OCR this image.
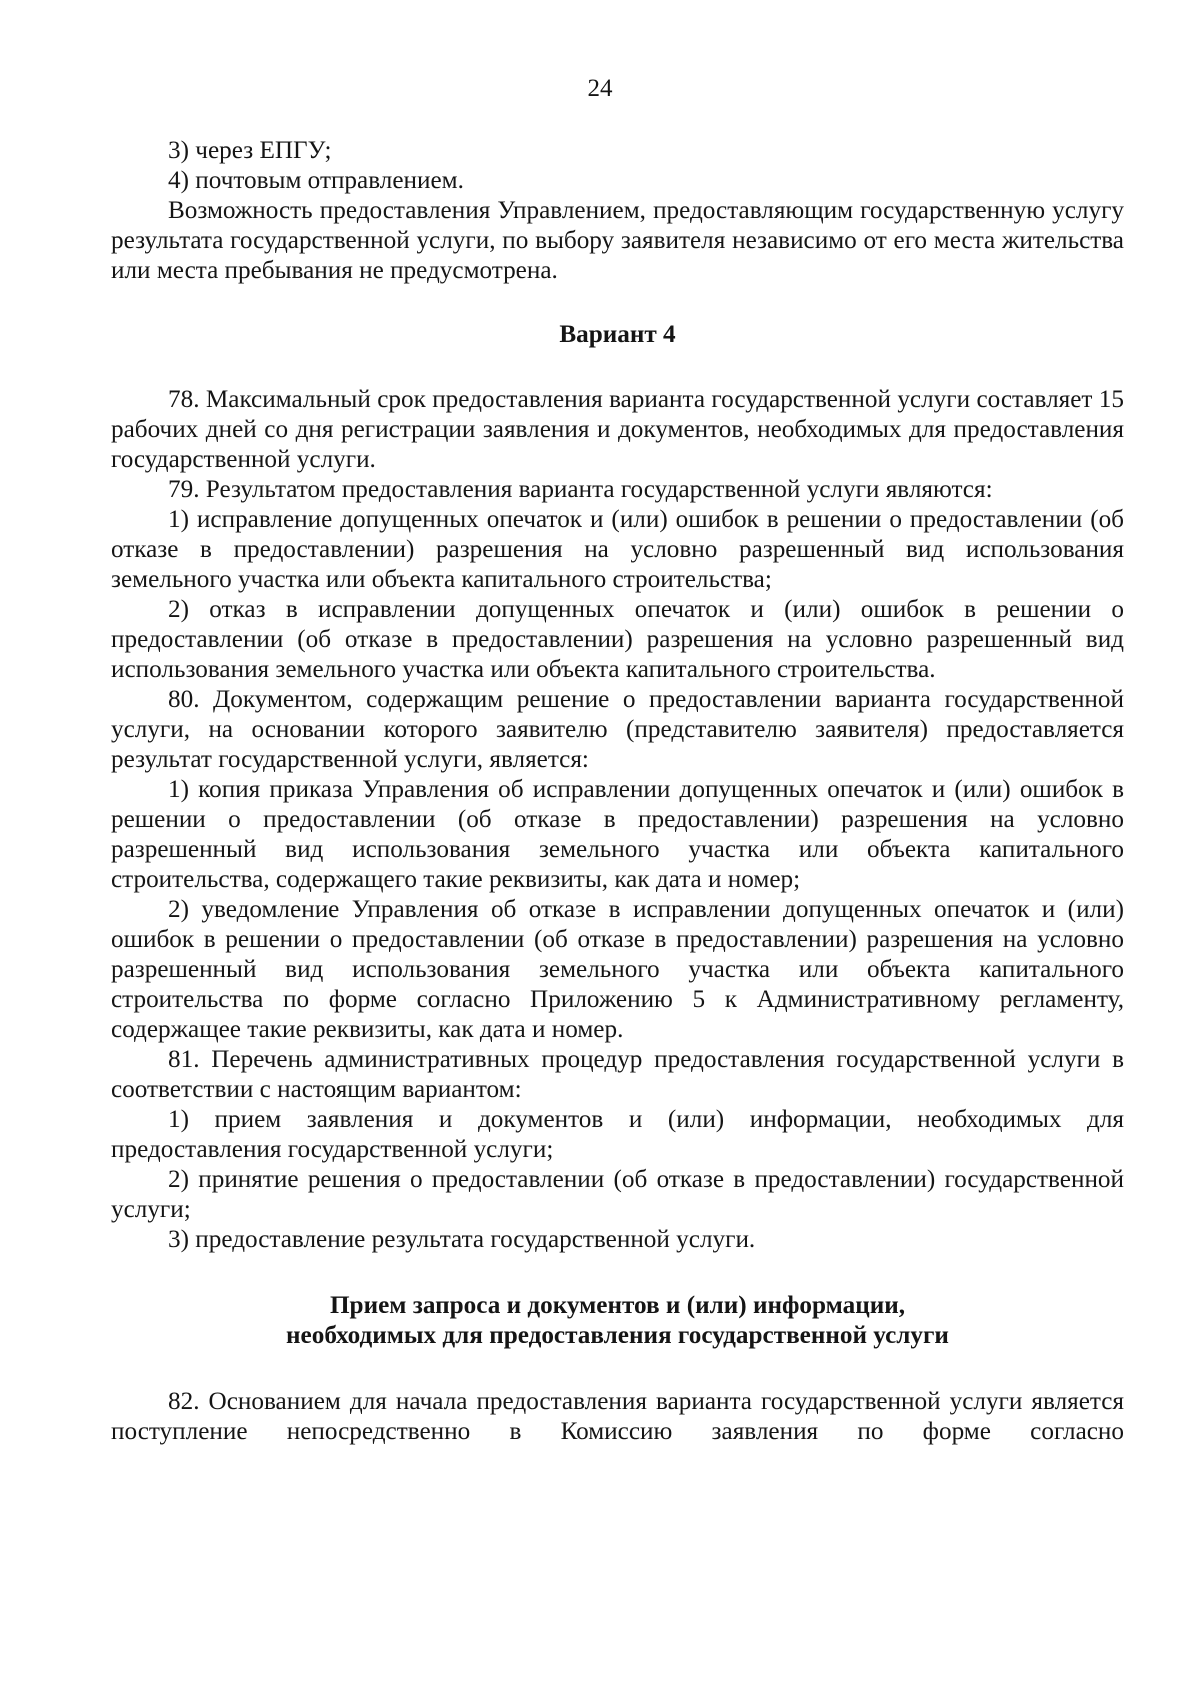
24

3) через ЕПГУ;

4) почтовым отправлением.

Возможность предоставления Управлением, предоставляющим государственную услугу результата государственной услуги, по выбору заявителя независимо от его места жительства или места пребывания не предусмотрена.

Вариант 4

78. Максимальный срок предоставления варианта государственной услуги составляет 15 рабочих дней со дня регистрации заявления и документов, необходимых для предоставления государственной услуги.

79. Результатом предоставления варианта государственной услуги являются:

1) исправление допущенных опечаток и (или) ошибок в решении о предоставлении (об отказе в предоставлении) разрешения на условно разрешенный вид использования земельного участка или объекта капитального строительства;

2) отказ в исправлении допущенных опечаток и (или) ошибок в решении о предоставлении (об отказе в предоставлении) разрешения на условно разрешенный вид использования земельного участка или объекта капитального строительства.

80. Документом, содержащим решение о предоставлении варианта государственной услуги, на основании которого заявителю (представителю заявителя) предоставляется результат государственной услуги, является:

1) копия приказа Управления об исправлении допущенных опечаток и (или) ошибок в решении о предоставлении (об отказе в предоставлении) разрешения на условно разрешенный вид использования земельного участка или объекта капитального строительства, содержащего такие реквизиты, как дата и номер;

2) уведомление Управления об отказе в исправлении допущенных опечаток и (или) ошибок в решении о предоставлении (об отказе в предоставлении) разрешения на условно разрешенный вид использования земельного участка или объекта капитального строительства по форме согласно Приложению 5 к Административному регламенту, содержащее такие реквизиты, как дата и номер.

81. Перечень административных процедур предоставления государственной услуги в соответствии с настоящим вариантом:

1) прием заявления и документов и (или) информации, необходимых для предоставления государственной услуги;

2) принятие решения о предоставлении (об отказе в предоставлении) государственной услуги;

3) предоставление результата государственной услуги.

Прием запроса и документов и (или) информации,

необходимых для предоставления государственной услуги

82. Основанием для начала предоставления варианта государственной услуги является поступление непосредственно в Комиссию заявления по форме согласно
